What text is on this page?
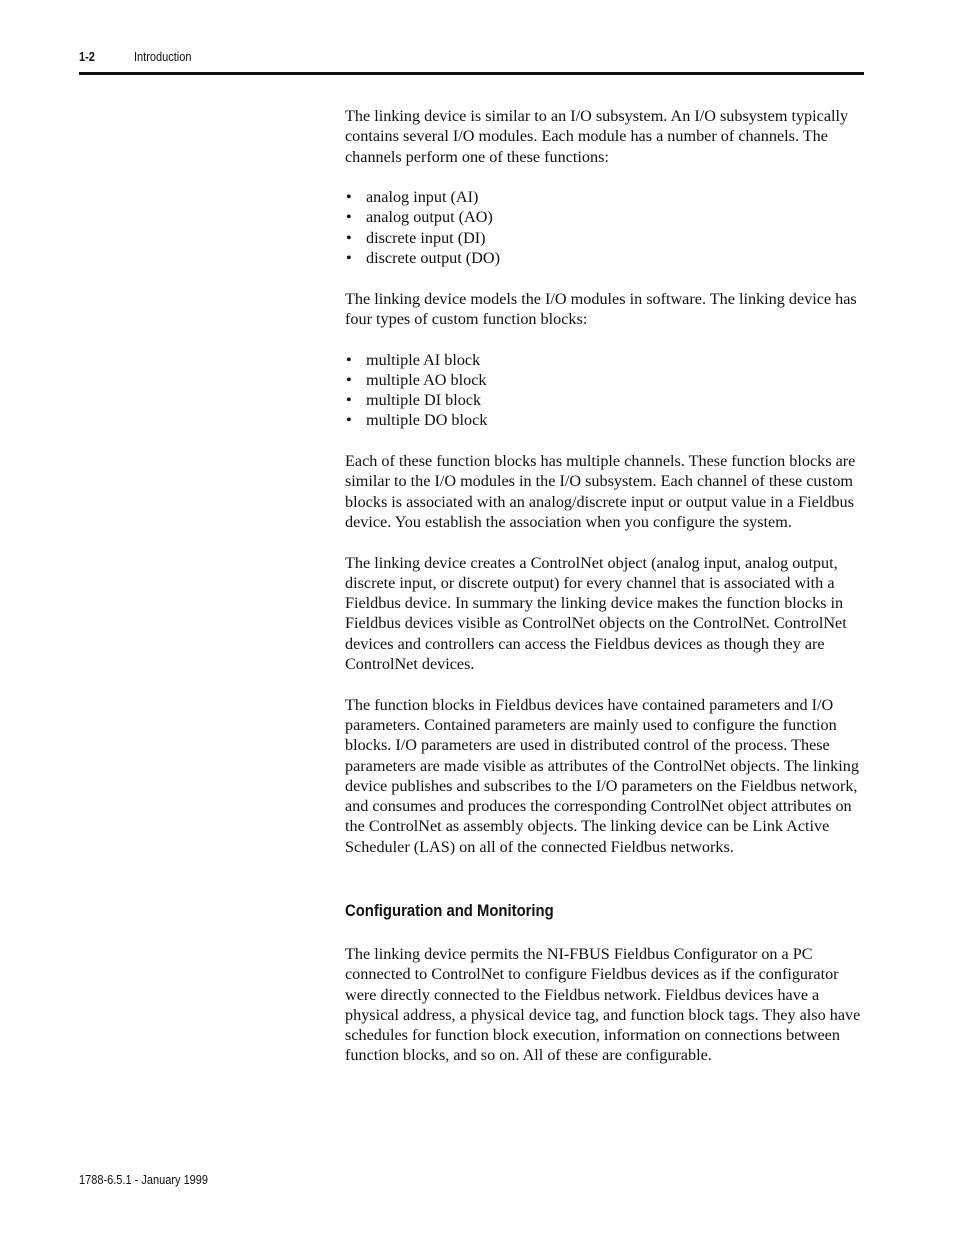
1-2	Introduction

The linking device is similar to an I/O subsystem. An I/O subsystem typically contains several I/O modules. Each module has a number of channels. The channels perform one of these functions:

• analog input (AI)
• analog output (AO)
• discrete input (DI)
• discrete output (DO)

The linking device models the I/O modules in software. The linking device has four types of custom function blocks:

• multiple AI block
• multiple AO block
• multiple DI block
• multiple DO block

Each of these function blocks has multiple channels. These function blocks are similar to the I/O modules in the I/O subsystem. Each channel of these custom blocks is associated with an analog/discrete input or output value in a Fieldbus device. You establish the association when you configure the system.

The linking device creates a ControlNet object (analog input, analog output, discrete input, or discrete output) for every channel that is associated with a Fieldbus device. In summary the linking device makes the function blocks in Fieldbus devices visible as ControlNet objects on the ControlNet. ControlNet devices and controllers can access the Fieldbus devices as though they are ControlNet devices.

The function blocks in Fieldbus devices have contained parameters and I/O parameters. Contained parameters are mainly used to configure the function blocks. I/O parameters are used in distributed control of the process. These parameters are made visible as attributes of the ControlNet objects. The linking device publishes and subscribes to the I/O parameters on the Fieldbus network, and consumes and produces the corresponding ControlNet object attributes on the ControlNet as assembly objects. The linking device can be Link Active Scheduler (LAS) on all of the connected Fieldbus networks.

Configuration and Monitoring

The linking device permits the NI-FBUS Fieldbus Configurator on a PC connected to ControlNet to configure Fieldbus devices as if the configurator were directly connected to the Fieldbus network. Fieldbus devices have a physical address, a physical device tag, and function block tags. They also have schedules for function block execution, information on connections between function blocks, and so on. All of these are configurable.

1788-6.5.1 - January 1999
